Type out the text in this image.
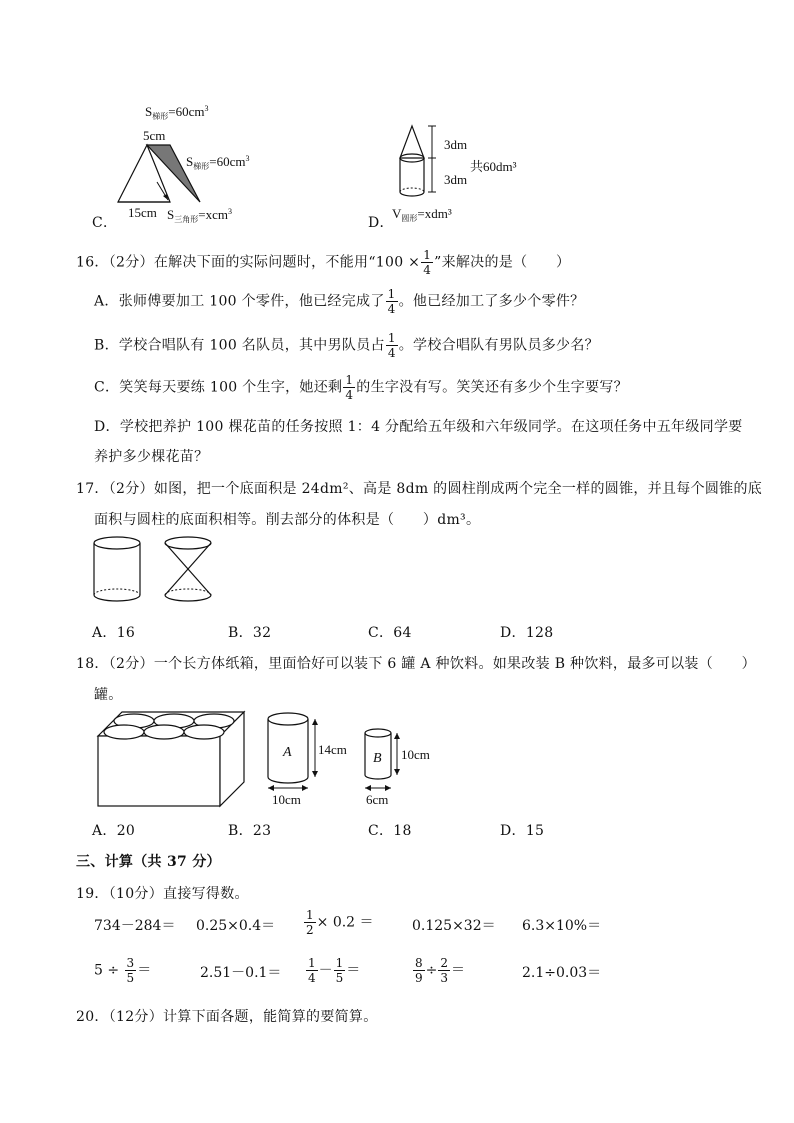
$S_{梯形}=60cm^3$
5cm
$S_{梯形}=60cm^3$
15cm $S_{三角形}=xcm^3$
C．
3dm
3dm
共60dm³
$V_{圆形}=xdm^3$
D．
16．（2分）在解决下面的实际问题时，不能用“$100 \times \frac{1}{4}$ ”来解决的是（　　）
A．张师傅要加工 100 个零件，他已经完成了 $\frac{1}{4}$ 。他已经加工了多少个零件？
B．学校合唱队有 100 名队员，其中男队员占 $\frac{1}{4}$ 。学校合唱队有男队员多少名？
C．笑笑每天要练 100 个生字，她还剩 $\frac{1}{4}$ 的生字没有写。笑笑还有多少个生字要写？
D．学校把养护 100 棵花苗的任务按照 1：4 分配给五年级和六年级同学。在这项任务中五年级同学要
养护多少棵花苗？
17．（2分）如图，把一个底面积是 24dm²、高是 8dm 的圆柱削成两个完全一样的圆锥，并且每个圆锥的底
面积与圆柱的底面积相等。削去部分的体积是（　　）dm³。
A．16	B．32	C．64	D．128
18．（2分）一个长方体纸箱，里面恰好可以装下 6 罐 A 种饮料。如果改装 B 种饮料，最多可以装（　　）
罐。
A 14cm
10cm
B 10cm
6cm
A．20	B．23	C．18	D．15
三、计算（共 37 分）
19．（10分）直接写得数。
$734-284= 0.25\times 0.4= \frac{1}{2} \times 0.2$ ＝	0.125×32＝ 6.3×10%＝
$5 \div \frac{3}{5}$ ＝	$2.51-0.1= \frac{1}{4} - \frac{1}{5}$ ＝	$\frac{8}{9} \div \frac{2}{3}$ ＝	2.1÷0.03＝
20．（12分）计算下面各题，能简算的要简算。
